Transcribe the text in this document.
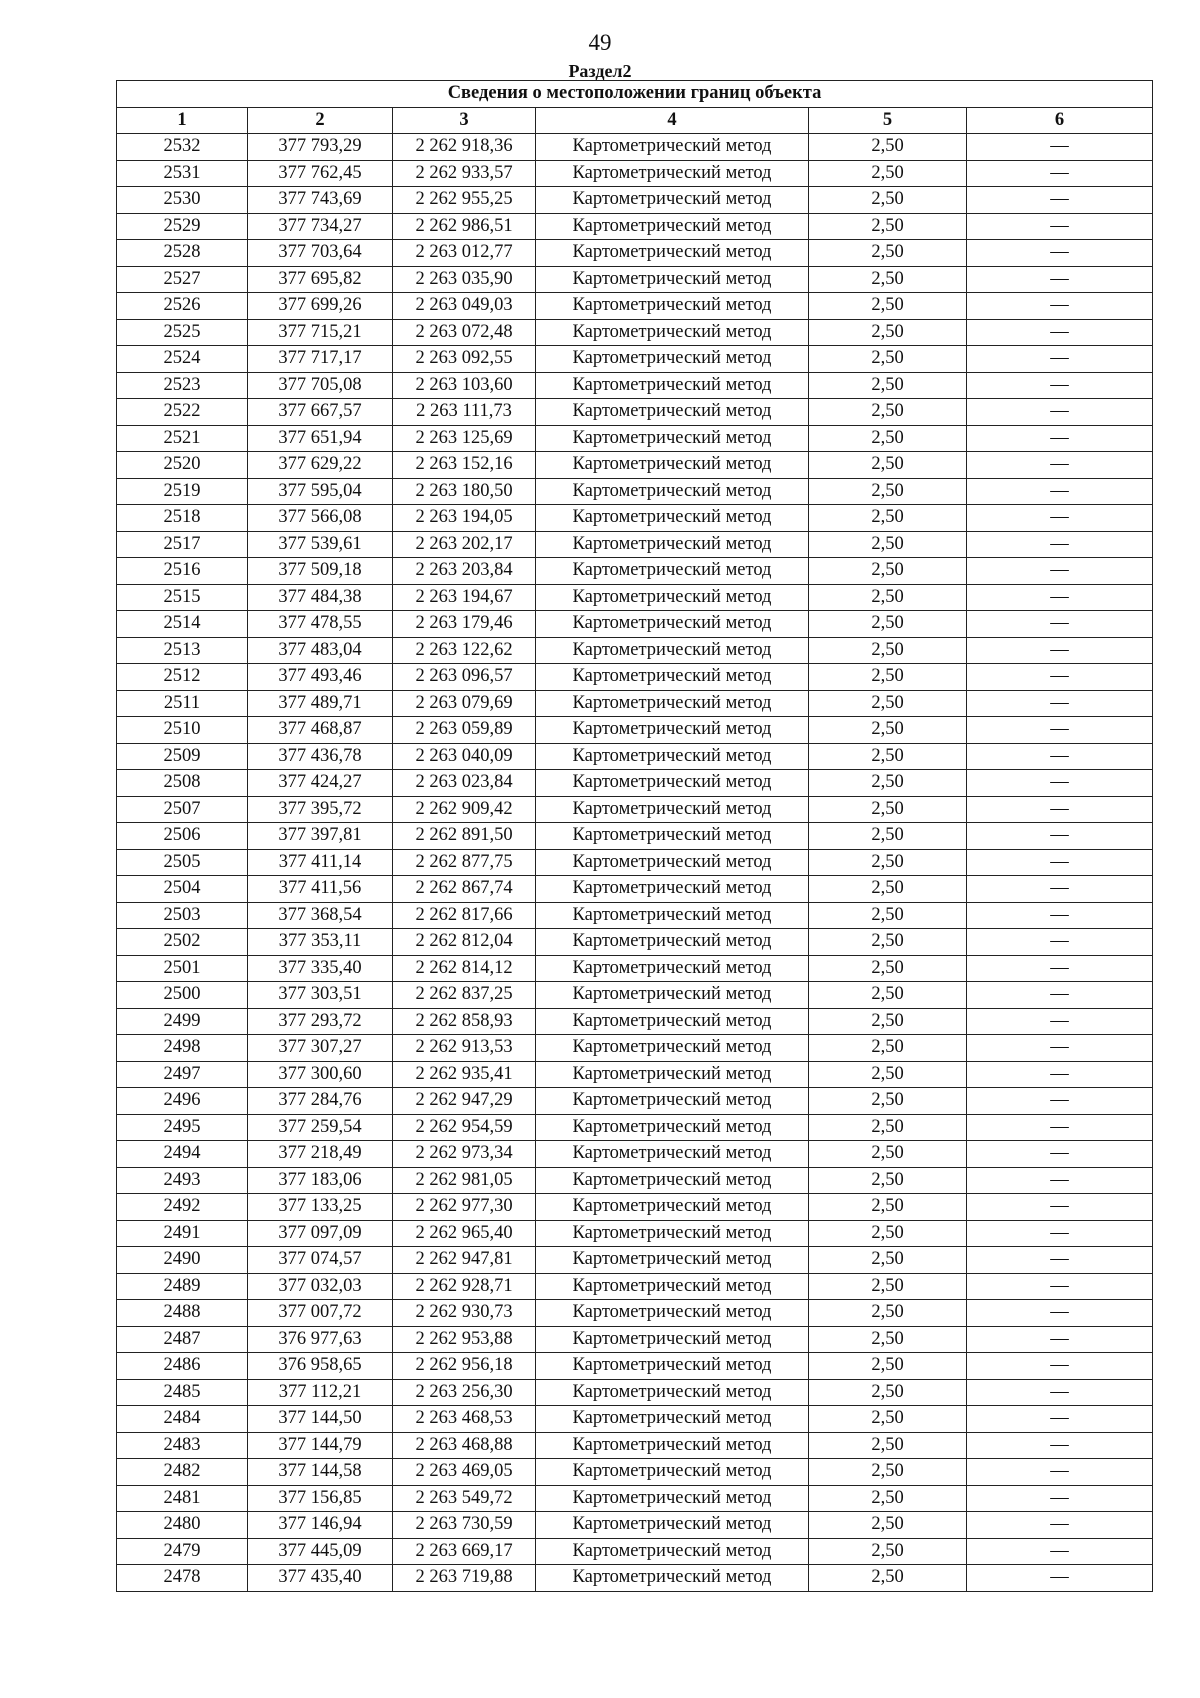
49
Раздел2
Сведения о местоположении границ объекта					
1	2	3	4	5	6
2532	377 793,29	2 262 918,36	Картометрический метод	2,50	—
2531	377 762,45	2 262 933,57	Картометрический метод	2,50	—
2530	377 743,69	2 262 955,25	Картометрический метод	2,50	—
2529	377 734,27	2 262 986,51	Картометрический метод	2,50	—
2528	377 703,64	2 263 012,77	Картометрический метод	2,50	—
2527	377 695,82	2 263 035,90	Картометрический метод	2,50	—
2526	377 699,26	2 263 049,03	Картометрический метод	2,50	—
2525	377 715,21	2 263 072,48	Картометрический метод	2,50	—
2524	377 717,17	2 263 092,55	Картометрический метод	2,50	—
2523	377 705,08	2 263 103,60	Картометрический метод	2,50	—
2522	377 667,57	2 263 111,73	Картометрический метод	2,50	—
2521	377 651,94	2 263 125,69	Картометрический метод	2,50	—
2520	377 629,22	2 263 152,16	Картометрический метод	2,50	—
2519	377 595,04	2 263 180,50	Картометрический метод	2,50	—
2518	377 566,08	2 263 194,05	Картометрический метод	2,50	—
2517	377 539,61	2 263 202,17	Картометрический метод	2,50	—
2516	377 509,18	2 263 203,84	Картометрический метод	2,50	—
2515	377 484,38	2 263 194,67	Картометрический метод	2,50	—
2514	377 478,55	2 263 179,46	Картометрический метод	2,50	—
2513	377 483,04	2 263 122,62	Картометрический метод	2,50	—
2512	377 493,46	2 263 096,57	Картометрический метод	2,50	—
2511	377 489,71	2 263 079,69	Картометрический метод	2,50	—
2510	377 468,87	2 263 059,89	Картометрический метод	2,50	—
2509	377 436,78	2 263 040,09	Картометрический метод	2,50	—
2508	377 424,27	2 263 023,84	Картометрический метод	2,50	—
2507	377 395,72	2 262 909,42	Картометрический метод	2,50	—
2506	377 397,81	2 262 891,50	Картометрический метод	2,50	—
2505	377 411,14	2 262 877,75	Картометрический метод	2,50	—
2504	377 411,56	2 262 867,74	Картометрический метод	2,50	—
2503	377 368,54	2 262 817,66	Картометрический метод	2,50	—
2502	377 353,11	2 262 812,04	Картометрический метод	2,50	—
2501	377 335,40	2 262 814,12	Картометрический метод	2,50	—
2500	377 303,51	2 262 837,25	Картометрический метод	2,50	—
2499	377 293,72	2 262 858,93	Картометрический метод	2,50	—
2498	377 307,27	2 262 913,53	Картометрический метод	2,50	—
2497	377 300,60	2 262 935,41	Картометрический метод	2,50	—
2496	377 284,76	2 262 947,29	Картометрический метод	2,50	—
2495	377 259,54	2 262 954,59	Картометрический метод	2,50	—
2494	377 218,49	2 262 973,34	Картометрический метод	2,50	—
2493	377 183,06	2 262 981,05	Картометрический метод	2,50	—
2492	377 133,25	2 262 977,30	Картометрический метод	2,50	—
2491	377 097,09	2 262 965,40	Картометрический метод	2,50	—
2490	377 074,57	2 262 947,81	Картометрический метод	2,50	—
2489	377 032,03	2 262 928,71	Картометрический метод	2,50	—
2488	377 007,72	2 262 930,73	Картометрический метод	2,50	—
2487	376 977,63	2 262 953,88	Картометрический метод	2,50	—
2486	376 958,65	2 262 956,18	Картометрический метод	2,50	—
2485	377 112,21	2 263 256,30	Картометрический метод	2,50	—
2484	377 144,50	2 263 468,53	Картометрический метод	2,50	—
2483	377 144,79	2 263 468,88	Картометрический метод	2,50	—
2482	377 144,58	2 263 469,05	Картометрический метод	2,50	—
2481	377 156,85	2 263 549,72	Картометрический метод	2,50	—
2480	377 146,94	2 263 730,59	Картометрический метод	2,50	—
2479	377 445,09	2 263 669,17	Картометрический метод	2,50	—
2478	377 435,40	2 263 719,88	Картометрический метод	2,50	—
